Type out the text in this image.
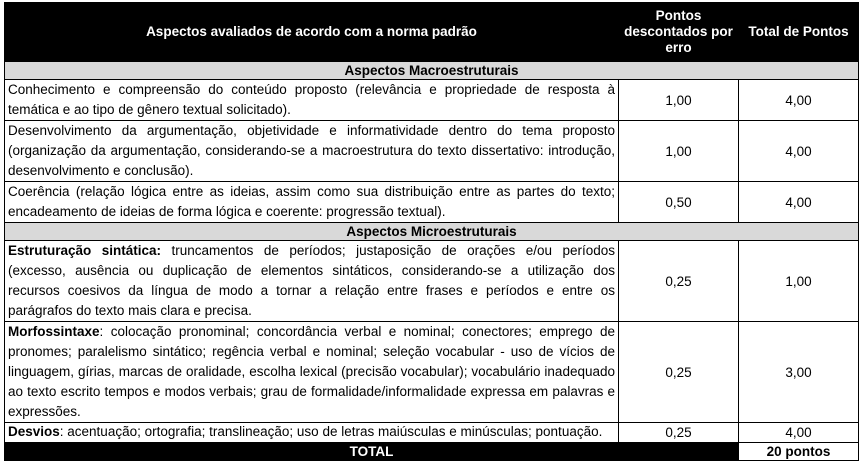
Aspectos avaliados de acordo com a norma padrão	Pontos descontados por erro	Total de Pontos
Aspectos Macroestruturais		
Conhecimento e compreensão do conteúdo proposto (relevância e propriedade de resposta à temática e ao tipo de gênero textual solicitado).	1,00	4,00
Desenvolvimento da argumentação, objetividade e informatividade dentro do tema proposto (organização da argumentação, considerando-se a macroestrutura do texto dissertativo: introdução, desenvolvimento e conclusão).	1,00	4,00
Coerência (relação lógica entre as ideias, assim como sua distribuição entre as partes do texto; encadeamento de ideias de forma lógica e coerente: progressão textual).	0,50	4,00
Aspectos Microestruturais		
Estruturação sintática: truncamentos de períodos; justaposição de orações e/ou períodos (excesso, ausência ou duplicação de elementos sintáticos, considerando-se a utilização dos recursos coesivos da língua de modo a tornar a relação entre frases e períodos e entre os parágrafos do texto mais clara e precisa.	0,25	1,00
Morfossintaxe: colocação pronominal; concordância verbal e nominal; conectores; emprego de pronomes; paralelismo sintático; regência verbal e nominal; seleção vocabular - uso de vícios de linguagem, gírias, marcas de oralidade, escolha lexical (precisão vocabular); vocabulário inadequado ao texto escrito tempos e modos verbais; grau de formalidade/informalidade expressa em palavras e expressões.	0,25	3,00
Desvios: acentuação; ortografia; translineação; uso de letras maiúsculas e minúsculas; pontuação.	0,25	4,00
TOTAL		20 pontos
